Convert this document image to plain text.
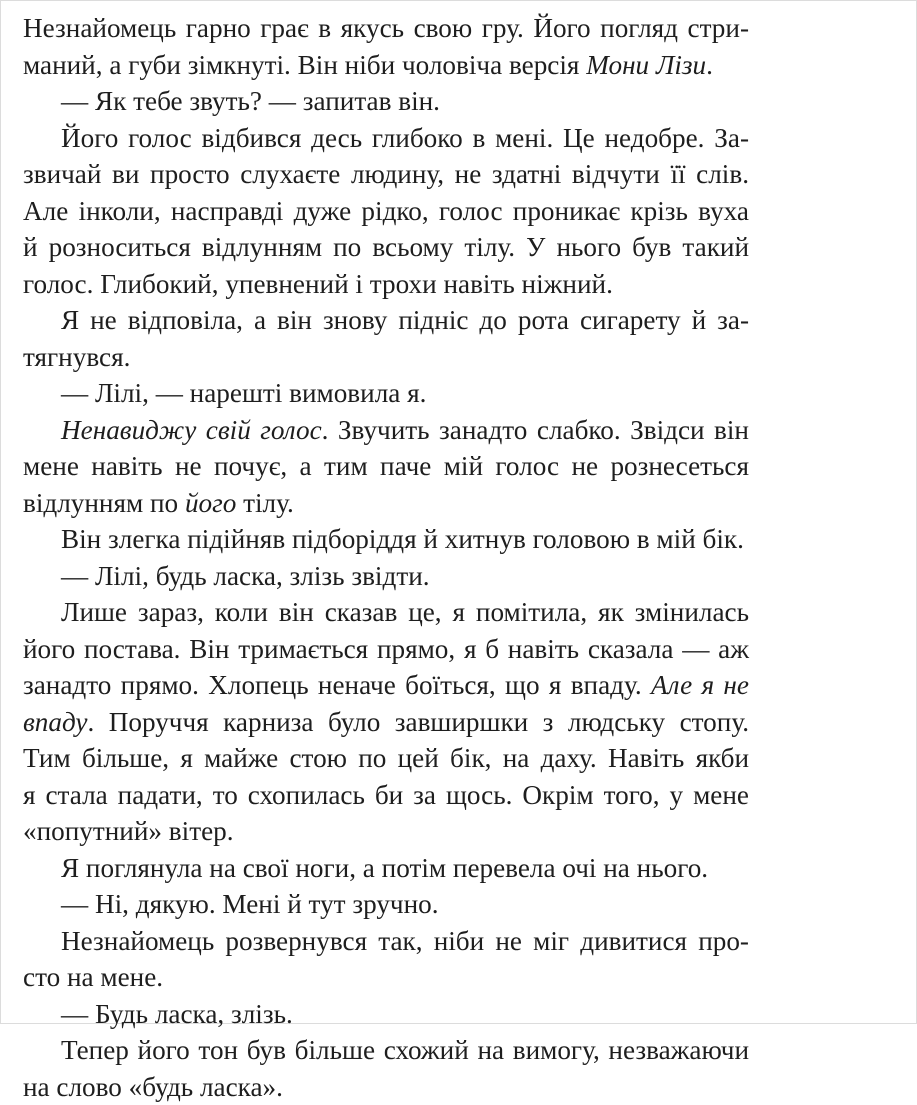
Незнайомець гарно грає в якусь свою гру. Його погляд стри-
маний, а губи зімкнуті. Він ніби чоловіча версія Мони Лізи.
— Як тебе звуть? — запитав він.
Його голос відбився десь глибоко в мені. Це недобре. За-
звичай ви просто слухаєте людину, не здатні відчути її слів.
Але інколи, насправді дуже рідко, голос проникає крізь вуха
й розноситься відлунням по всьому тілу. У нього був такий
голос. Глибокий, упевнений і трохи навіть ніжний.
Я не відповіла, а він знову підніс до рота сигарету й за-
тягнувся.
— Лілі, — нарешті вимовила я.
Ненавиджу свій голос. Звучить занадто слабко. Звідси він
мене навіть не почує, а тим паче мій голос не рознесеться
відлунням по його тілу.
Він злегка підійняв підборіддя й хитнув головою в мій бік.
— Лілі, будь ласка, злізь звідти.
Лише зараз, коли він сказав це, я помітила, як змінилась
його постава. Він тримається прямо, я б навіть сказала — аж
занадто прямо. Хлопець неначе боїться, що я впаду. Але я не
впаду. Поруччя карниза було завширшки з людську стопу.
Тим більше, я майже стою по цей бік, на даху. Навіть якби
я стала падати, то схопилась би за щось. Окрім того, у мене
«попутний» вітер.
Я поглянула на свої ноги, а потім перевела очі на нього.
— Ні, дякую. Мені й тут зручно.
Незнайомець розвернувся так, ніби не міг дивитися про-
сто на мене.
— Будь ласка, злізь.
Тепер його тон був більше схожий на вимогу, незважаючи
на слово «будь ласка».
